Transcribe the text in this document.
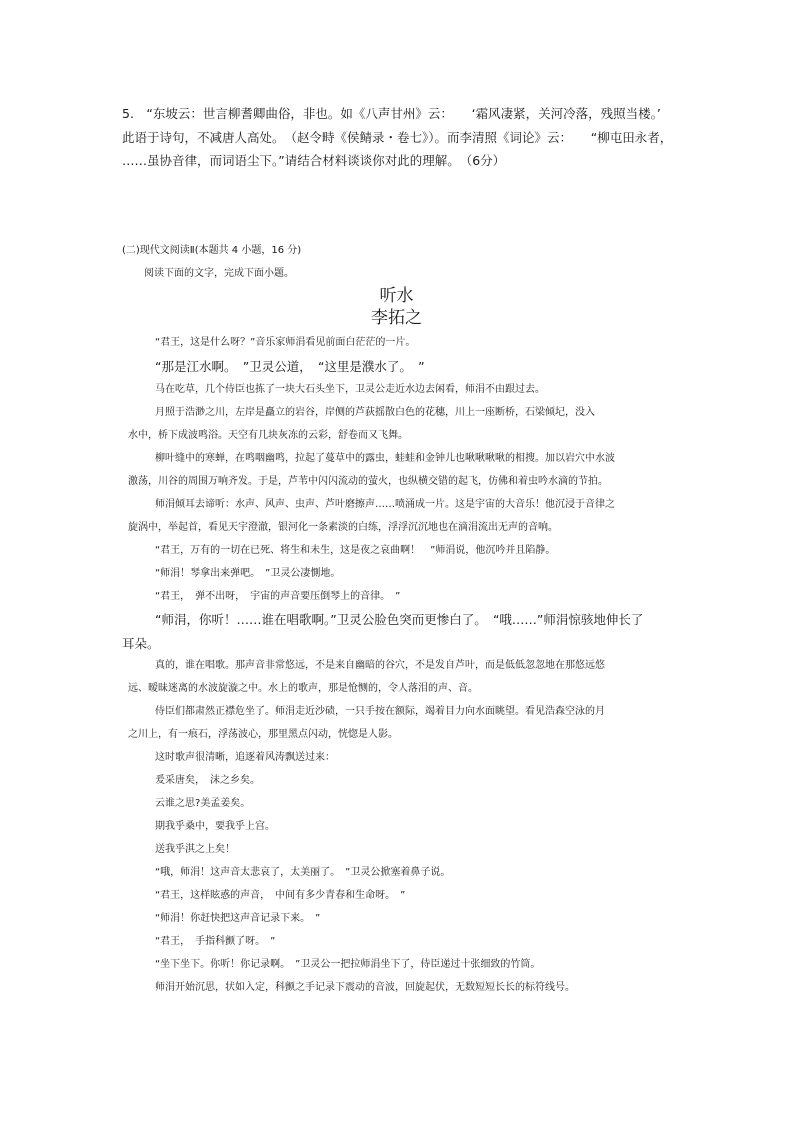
5.　“东坡云：世言柳耆卿曲俗，非也。如《八声甘州》云：　　‘霜风凄紧，关河冷落，残照当楼。’
此语于诗句，不减唐人高处。　（赵令畤《侯鲭录・卷七》）。而李清照《词论》云：　　“柳屯田永者，
……虽协音律，而词语尘下。”请结合材料谈谈你对此的理解。　（6分）
(二)现代文阅读Ⅱ(本题共 4 小题，16 分)
阅读下面的文字，完成下面小题。
听水
李拓之
“君王，这是什么呀？”音乐家师涓看见前面白茫茫的一片。
“那是江水啊。　”卫灵公道，　“这里是濮水了。　”
马在吃草，几个侍臣也拣了一块大石头坐下，卫灵公走近水边去闲看，师涓不由跟过去。
月照于浩渺之川，左岸是矗立的岩谷，岸侧的芦荻摇散白色的花穗，川上一座断桥，石梁倾圮，没入
水中，桥下成波鸣浴。天空有几块灰冻的云彩，舒卷而又飞舞。
柳叶缝中的寒蝉，在鸣咽幽鸣，拉起了蔓草中的露虫，蛙蛙和金钟儿也啾啾啾啾的相搜。加以岩穴中水波
激荡，川谷的周围万响齐发。于是，芦苇中闪闪流动的萤火，也纵横交错的起飞，仿佛和着虫吟水滴的节拍。
师涓倾耳去谛听：水声、风声、虫声、芦叶磨擦声……喷涌成一片。这是宇宙的大音乐！他沉浸于音律之
旋涡中，举起首，看见天宇澄澈，银河化一条素淡的白练，浮浮沉沉地也在滴涓流出无声的音响。
“君王，万有的一切在已死、将生和未生，这是夜之哀曲啊！　”师涓说，他沉吟并且陷静。
“师涓！琴拿出来弹吧。　”卫灵公凄惻地。
“君王，　弹不出呀，　宇宙的声音要压倒琴上的音律。　”
“师涓，你听！……谁在唱歌啊。”卫灵公脸色突而更惨白了。　“哦……”师涓惊骇地伸长了
耳朵。
真的，谁在唱歌。那声音非常悠远，不是来自幽暗的谷穴，不是发自芦叶，而是低低忽忽地在那悠远悠
远、暧昧迷离的水波旋漩之中。水上的歌声，那是怆恻的，令人落泪的声、音。
侍臣们都肃然正襟危坐了。师涓走近沙碛，一只手按在额际，竭着目力向水面眺望。看见浩森空泳的月
之川上，有一痕石，浮荡波心，那里黑点闪动，恍惚是人影。
这时歌声很清晰，追逐着风涛飘送过来：
爰采唐矣，　沫之乡矣。
云谁之思?美孟姜矣。
期我乎桑中，要我乎上宫。
送我乎淇之上矣！
“哦，师涓！这声音太悲哀了，太美丽了。　”卫灵公掀塞着鼻子说。
“君王，这样眩惑的声音，　中间有多少青春和生命呀。　”
“师涓！你赶快把这声音记录下来。　”
“君王，　手指科颤了呀。　”
“坐下坐下。你听！你记录啊。　”卫灵公一把拉师涓坐下了，侍臣递过十张细致的竹筒。
师涓开始沉思，状如入定，科颤之手记录下震动的音波，回旋起伏，无数短短长长的标符线号。
